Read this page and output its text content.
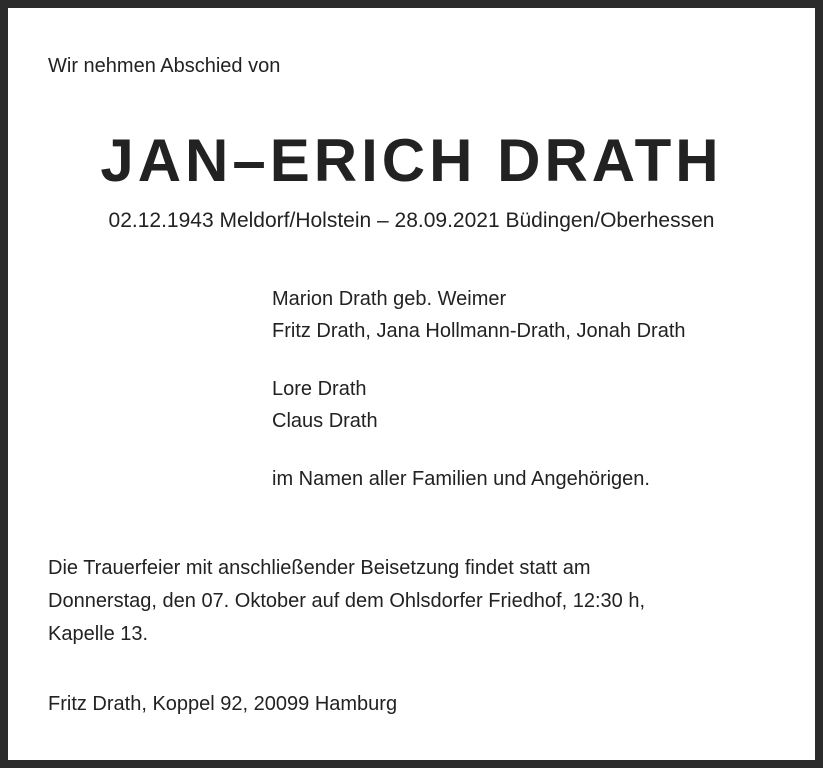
Wir nehmen Abschied von
JAN–ERICH DRATH
02.12.1943 Meldorf/Holstein – 28.09.2021 Büdingen/Oberhessen
Marion Drath geb. Weimer
Fritz Drath, Jana Hollmann-Drath, Jonah Drath
Lore Drath
Claus Drath
im Namen aller Familien und Angehörigen.
Die Trauerfeier mit anschließender Beisetzung findet statt am
Donnerstag, den 07. Oktober auf dem Ohlsdorfer Friedhof, 12:30 h,
Kapelle 13.
Fritz Drath, Koppel 92, 20099 Hamburg
